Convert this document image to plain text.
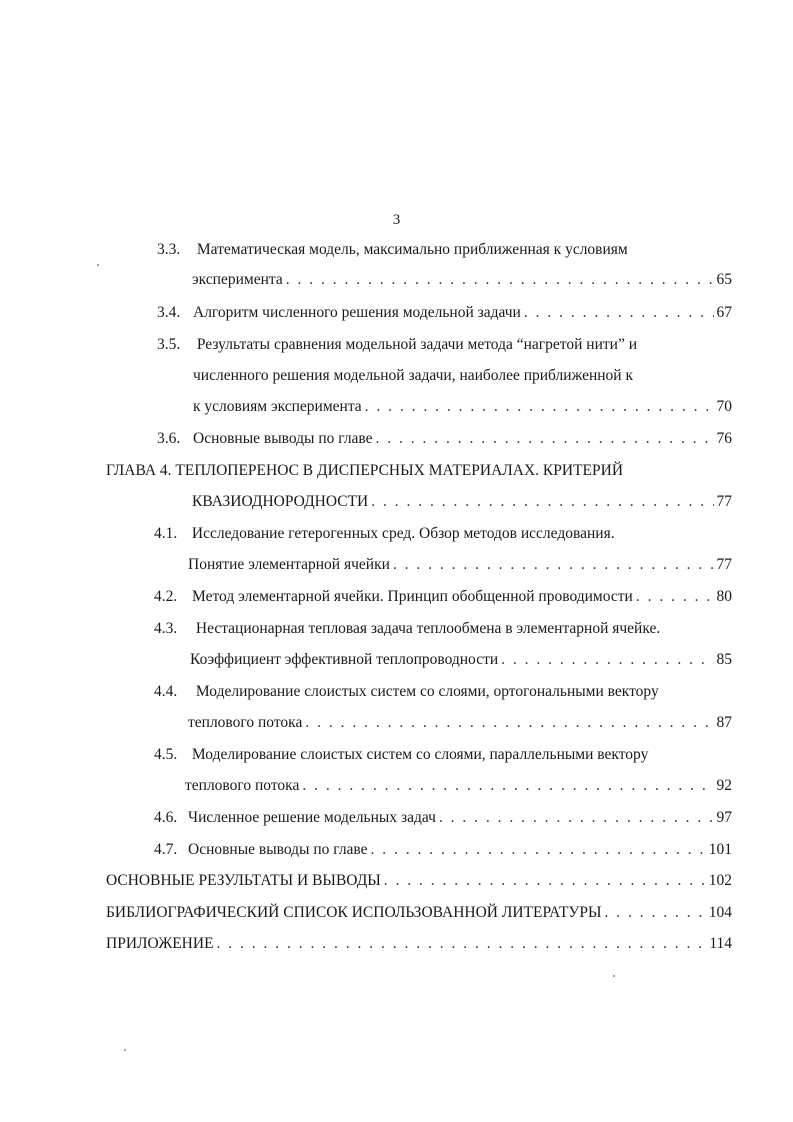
3
3.3. Математическая модель, максимально приближенная к условиям
эксперимента . . .	65
3.4. Алгоритм численного решения модельной задачи . . .	67
3.5. Результаты сравнения модельной задачи метода “нагретой нити” и
численного решения модельной задачи, наиболее приближенной к
к условиям эксперимента . . .	70
3.6. Основные выводы по главе . . .	76
ГЛАВА 4. ТЕПЛОПЕРЕНОС В ДИСПЕРСНЫХ МАТЕРИАЛАХ. КРИТЕРИЙ
КВАЗИОДНОРОДНОСТИ . . .	77
4.1. Исследование гетерогенных сред. Обзор методов исследования.
Понятие элементарной ячейки . . .	77
4.2. Метод элементарной ячейки. Принцип обобщенной проводимости . . .	80
4.3. Нестационарная тепловая задача теплообмена в элементарной ячейке.
Коэффициент эффективной теплопроводности . . .	85
4.4. Моделирование слоистых систем со слоями, ортогональными вектору
теплового потока . . .	87
4.5. Моделирование слоистых систем со слоями, параллельными вектору
теплового потока . . .	92
4.6. Численное решение модельных задач . . .	97
4.7. Основные выводы по главе . . .	101
ОСНОВНЫЕ РЕЗУЛЬТАТЫ И ВЫВОДЫ . . .	102
БИБЛИОГРАФИЧЕСКИЙ СПИСОК ИСПОЛЬЗОВАННОЙ ЛИТЕРАТУРЫ . . .	104
ПРИЛОЖЕНИЕ . . .	114
